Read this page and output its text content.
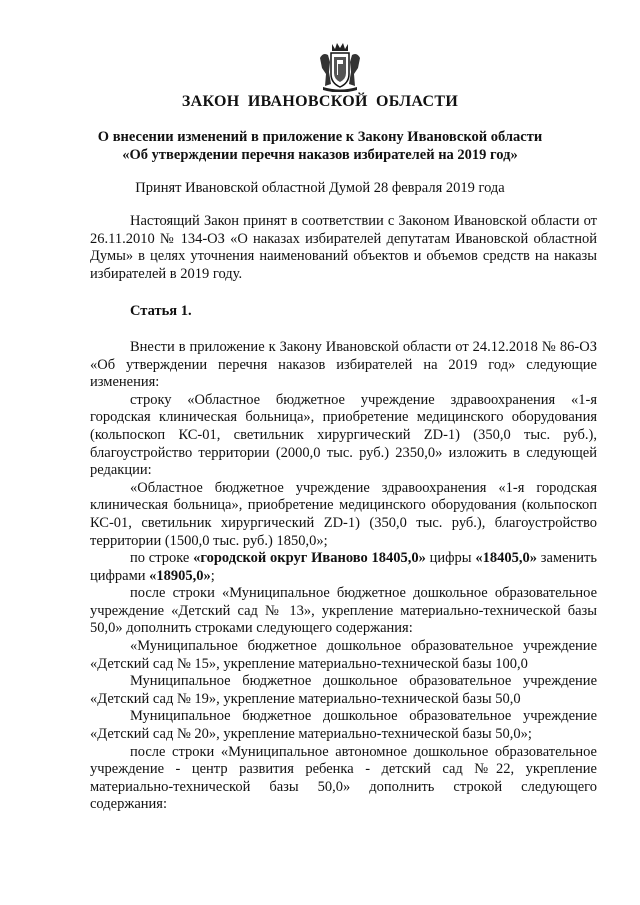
ЗАКОН ИВАНОВСКОЙ ОБЛАСТИ
О внесении изменений в приложение к Закону Ивановской области
«Об утверждении перечня наказов избирателей на 2019 год»
Принят Ивановской областной Думой 28 февраля 2019 года

Настоящий Закон принят в соответствии с Законом Ивановской области от 26.11.2010 № 134-ОЗ «О наказах избирателей депутатам Ивановской областной Думы» в целях уточнения наименований объектов и объемов средств на наказы избирателей в 2019 году.

Статья 1.

Внести в приложение к Закону Ивановской области от 24.12.2018 № 86-ОЗ «Об утверждении перечня наказов избирателей на 2019 год» следующие изменения:

строку «Областное бюджетное учреждение здравоохранения «1-я городская клиническая больница», приобретение медицинского оборудования (кольпоскоп КС-01, светильник хирургический ZD-1) (350,0 тыс. руб.), благоустройство территории (2000,0 тыс. руб.) 2350,0» изложить в следующей редакции:

«Областное бюджетное учреждение здравоохранения «1-я городская клиническая больница», приобретение медицинского оборудования (кольпоскоп КС-01, светильник хирургический ZD-1) (350,0 тыс. руб.), благоустройство территории (1500,0 тыс. руб.) 1850,0»;

по строке «городской округ Иваново 18405,0» цифры «18405,0» заменить цифрами «18905,0»;

после строки «Муниципальное бюджетное дошкольное образовательное учреждение «Детский сад № 13», укрепление материально-технической базы 50,0» дополнить строками следующего содержания:

«Муниципальное бюджетное дошкольное образовательное учреждение «Детский сад № 15», укрепление материально-технической базы 100,0

Муниципальное бюджетное дошкольное образовательное учреждение «Детский сад № 19», укрепление материально-технической базы 50,0

Муниципальное бюджетное дошкольное образовательное учреждение «Детский сад № 20», укрепление материально-технической базы 50,0»;

после строки «Муниципальное автономное дошкольное образовательное учреждение - центр развития ребенка - детский сад №22, укрепление материально-технической базы 50,0» дополнить строкой следующего содержания:
